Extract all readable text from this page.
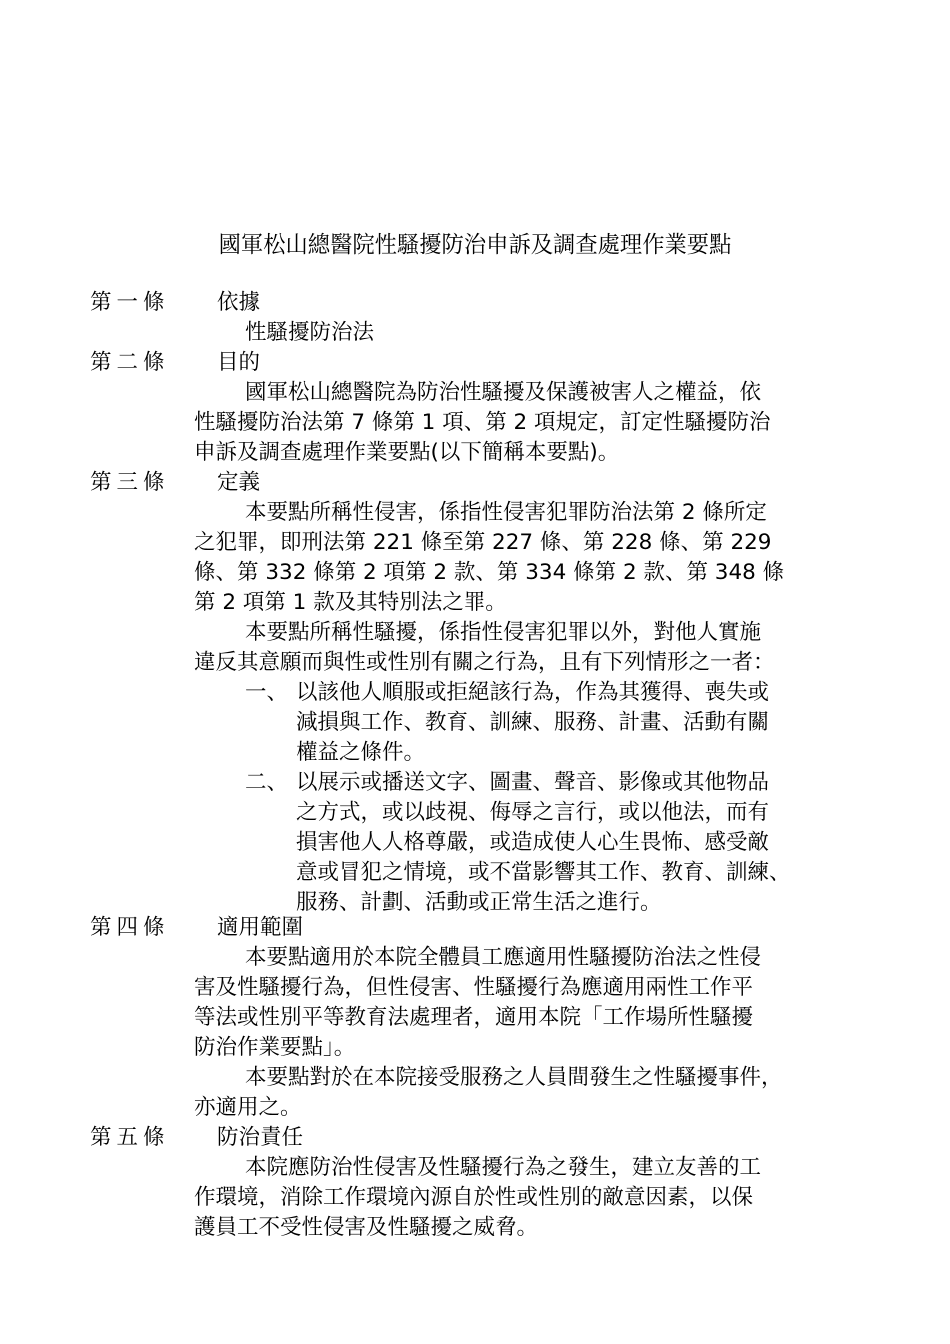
國軍松山總醫院性騷擾防治申訴及調查處理作業要點
第一條 依據
性騷擾防治法
第二條 目的
國軍松山總醫院為防治性騷擾及保護被害人之權益，依
性騷擾防治法第 7 條第 1 項、第 2 項規定，訂定性騷擾防治
申訴及調查處理作業要點(以下簡稱本要點)。
第三條 定義
本要點所稱性侵害，係指性侵害犯罪防治法第 2 條所定
之犯罪，即刑法第 221 條至第 227 條、第 228 條、第 229
條、第 332 條第 2 項第 2 款、第 334 條第 2 款、第 348 條
第 2 項第 1 款及其特別法之罪。
本要點所稱性騷擾，係指性侵害犯罪以外，對他人實施
違反其意願而與性或性別有關之行為，且有下列情形之一者：
一、 以該他人順服或拒絕該行為，作為其獲得、喪失或
減損與工作、教育、訓練、服務、計畫、活動有關
權益之條件。
二、 以展示或播送文字、圖畫、聲音、影像或其他物品
之方式，或以歧視、侮辱之言行，或以他法，而有
損害他人人格尊嚴，或造成使人心生畏怖、感受敵
意或冒犯之情境，或不當影響其工作、教育、訓練、
服務、計劃、活動或正常生活之進行。
第四條 適用範圍
本要點適用於本院全體員工應適用性騷擾防治法之性侵
害及性騷擾行為，但性侵害、性騷擾行為應適用兩性工作平
等法或性別平等教育法處理者，適用本院「工作場所性騷擾
防治作業要點」。
本要點對於在本院接受服務之人員間發生之性騷擾事件，
亦適用之。
第五條 防治責任
本院應防治性侵害及性騷擾行為之發生，建立友善的工
作環境，消除工作環境內源自於性或性別的敵意因素，以保
護員工不受性侵害及性騷擾之威脅。
